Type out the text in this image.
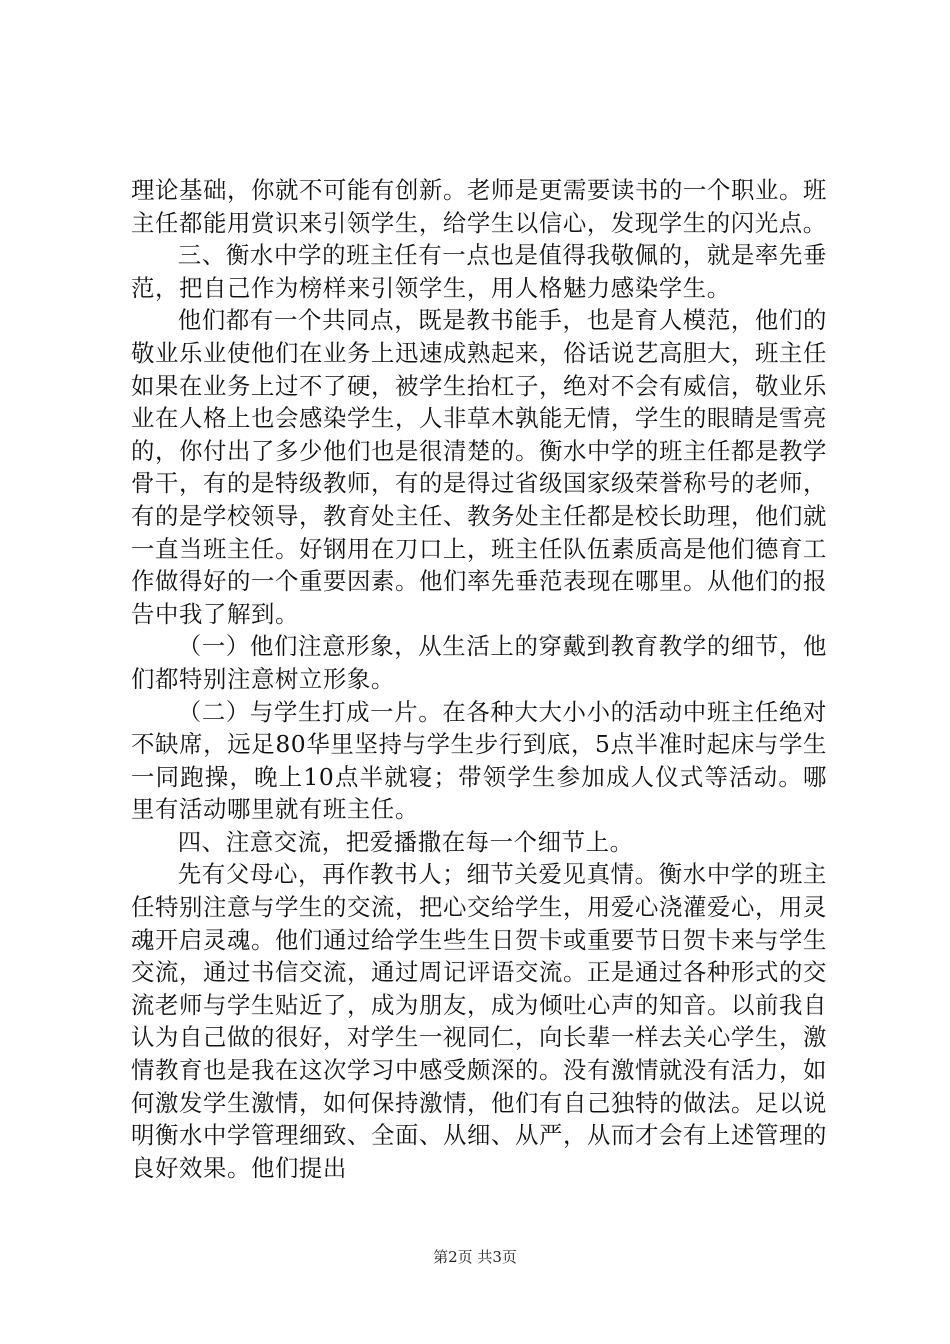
理论基础，你就不可能有创新。老师是更需要读书的一个职业。班主任都能用赏识来引领学生，给学生以信心，发现学生的闪光点。

三、衡水中学的班主任有一点也是值得我敬佩的，就是率先垂范，把自己作为榜样来引领学生，用人格魅力感染学生。

他们都有一个共同点，既是教书能手，也是育人模范，他们的敬业乐业使他们在业务上迅速成熟起来，俗话说艺高胆大，班主任如果在业务上过不了硬，被学生抬杠子，绝对不会有威信，敬业乐业在人格上也会感染学生，人非草木孰能无情，学生的眼睛是雪亮的，你付出了多少他们也是很清楚的。衡水中学的班主任都是教学骨干，有的是特级教师，有的是得过省级国家级荣誉称号的老师，有的是学校领导，教育处主任、教务处主任都是校长助理，他们就一直当班主任。好钢用在刀口上，班主任队伍素质高是他们德育工作做得好的一个重要因素。他们率先垂范表现在哪里。从他们的报告中我了解到。

（一）他们注意形象，从生活上的穿戴到教育教学的细节，他们都特别注意树立形象。

（二）与学生打成一片。在各种大大小小的活动中班主任绝对不缺席，远足80华里坚持与学生步行到底，5点半准时起床与学生一同跑操，晚上10点半就寝；带领学生参加成人仪式等活动。哪里有活动哪里就有班主任。

四、注意交流，把爱播撒在每一个细节上。

先有父母心，再作教书人；细节关爱见真情。衡水中学的班主任特别注意与学生的交流，把心交给学生，用爱心浇灌爱心，用灵魂开启灵魂。他们通过给学生些生日贺卡或重要节日贺卡来与学生交流，通过书信交流，通过周记评语交流。正是通过各种形式的交流老师与学生贴近了，成为朋友，成为倾吐心声的知音。以前我自认为自己做的很好，对学生一视同仁，向长辈一样去关心学生，激情教育也是我在这次学习中感受颇深的。没有激情就没有活力，如何激发学生激情，如何保持激情，他们有自己独特的做法。足以说明衡水中学管理细致、全面、从细、从严，从而才会有上述管理的良好效果。他们提出

第2页 共3页
